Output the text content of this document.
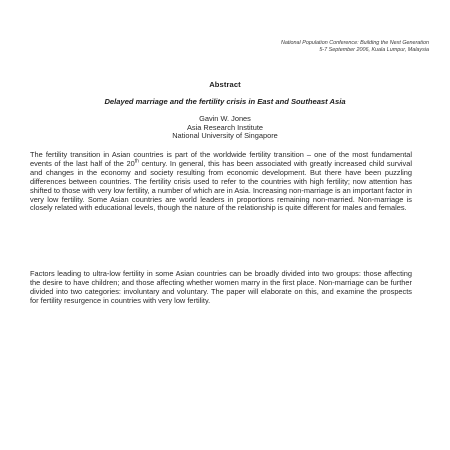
National Population Conference: Building the Next Generation
5-7 September 2006, Kuala Lumpur, Malaysia
Abstract
Delayed marriage and the fertility crisis in East and Southeast Asia
Gavin W. Jones
Asia Research Institute
National University of Singapore

The fertility transition in Asian countries is part of the worldwide fertility transition – one of the most fundamental events of the last half of the 20th century. In general, this has been associated with greatly increased child survival and changes in the economy and society resulting from economic development. But there have been puzzling differences between countries. The fertility crisis used to refer to the countries with high fertility; now attention has shifted to those with very low fertility, a number of which are in Asia. Increasing non-marriage is an important factor in very low fertility. Some Asian countries are world leaders in proportions remaining non-married. Non-marriage is closely related with educational levels, though the nature of the relationship is quite different for males and females.

Factors leading to ultra-low fertility in some Asian countries can be broadly divided into two groups: those affecting the desire to have children; and those affecting whether women marry in the first place. Non-marriage can be further divided into two categories: involuntary and voluntary. The paper will elaborate on this, and examine the prospects for fertility resurgence in countries with very low fertility.
